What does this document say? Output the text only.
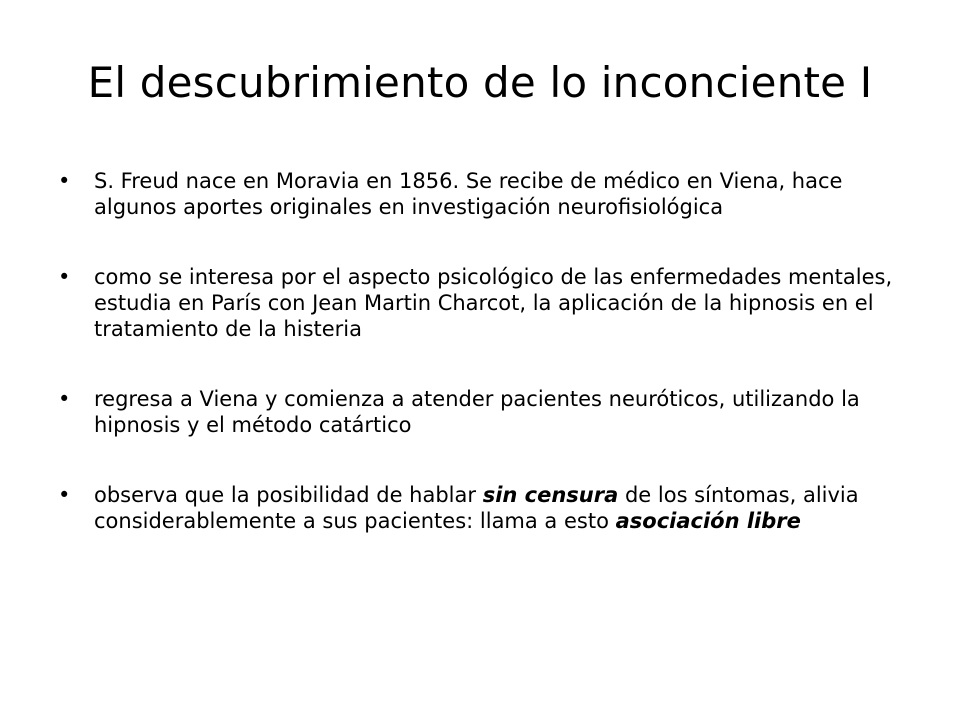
El descubrimiento de lo inconciente I
•	S. Freud nace en Moravia en 1856. Se recibe de médico en Viena, hace algunos aportes originales en investigación neurofisiológica
•	como se interesa por el aspecto psicológico de las enfermedades mentales, estudia en París con Jean Martin Charcot, la aplicación de la hipnosis en el tratamiento de la histeria
•	regresa a Viena y comienza a atender pacientes neuróticos, utilizando la hipnosis y el método catártico
•	observa que la posibilidad de hablar sin censura de los síntomas, alivia considerablemente a sus pacientes: llama a esto asociación libre
